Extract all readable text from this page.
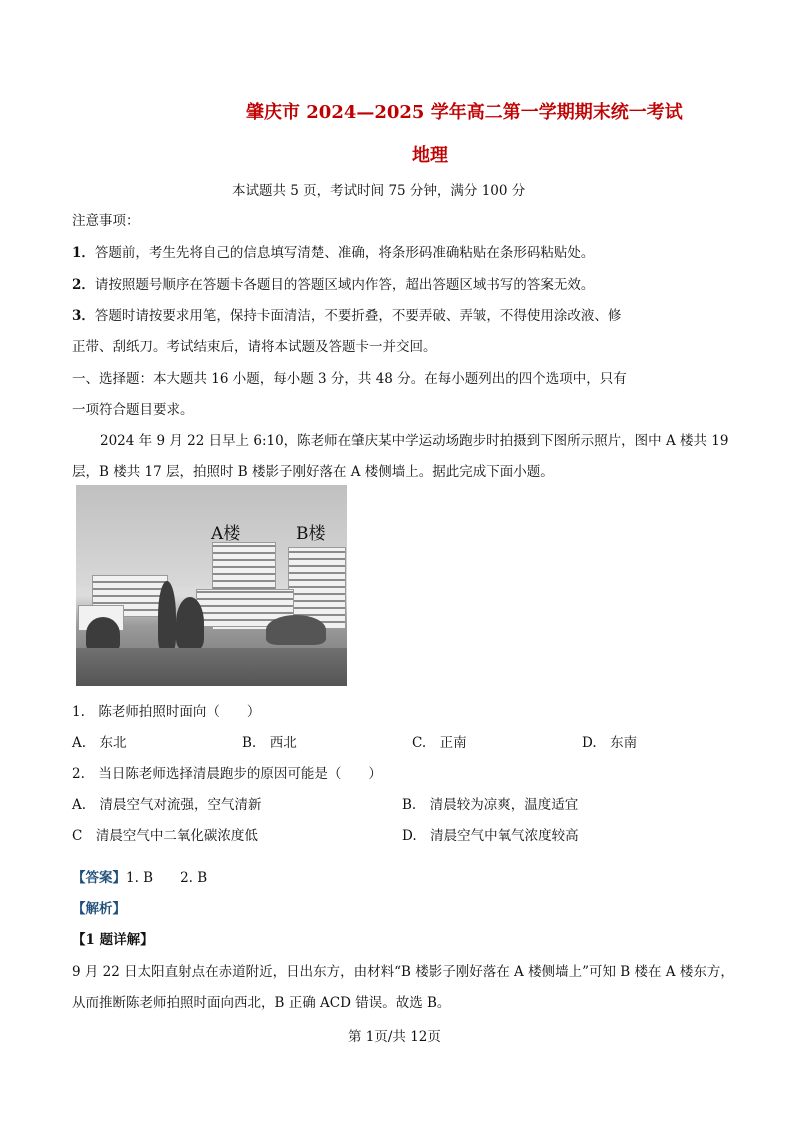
肇庆市 2024—2025 学年高二第一学期期末统一考试
地理
本试题共 5 页，考试时间 75 分钟，满分 100 分
注意事项：
1．答题前，考生先将自己的信息填写清楚、准确，将条形码准确粘贴在条形码粘贴处。
2．请按照题号顺序在答题卡各题目的答题区域内作答，超出答题区域书写的答案无效。
3．答题时请按要求用笔，保持卡面清洁，不要折叠，不要弄破、弄皱，不得使用涂改液、修
正带、刮纸刀。考试结束后，请将本试题及答题卡一并交回。
一、选择题：本大题共 16 小题，每小题 3 分，共 48 分。在每小题列出的四个选项中，只有
一项符合题目要求。
2024 年 9 月 22 日早上 6:10，陈老师在肇庆某中学运动场跑步时拍摄到下图所示照片，图中 A 楼共 19
层，B 楼共 17 层，拍照时 B 楼影子刚好落在 A 楼侧墙上。据此完成下面小题。
A楼	B楼
1.　陈老师拍照时面向（　　）
A.　东北	B.　西北	C.　正南	D.　东南
2.　当日陈老师选择清晨跑步的原因可能是（　　）
A.　清晨空气对流强，空气清新	B.　清晨较为凉爽，温度适宜
C　清晨空气中二氧化碳浓度低	D.　清晨空气中氧气浓度较高
【答案】1. B　　2. B
【解析】
【1 题详解】
9 月 22 日太阳直射点在赤道附近，日出东方，由材料“B 楼影子刚好落在 A 楼侧墙上”可知 B 楼在 A 楼东方，
从而推断陈老师拍照时面向西北，B 正确 ACD 错误。故选 B。
第 1页/共 12页
